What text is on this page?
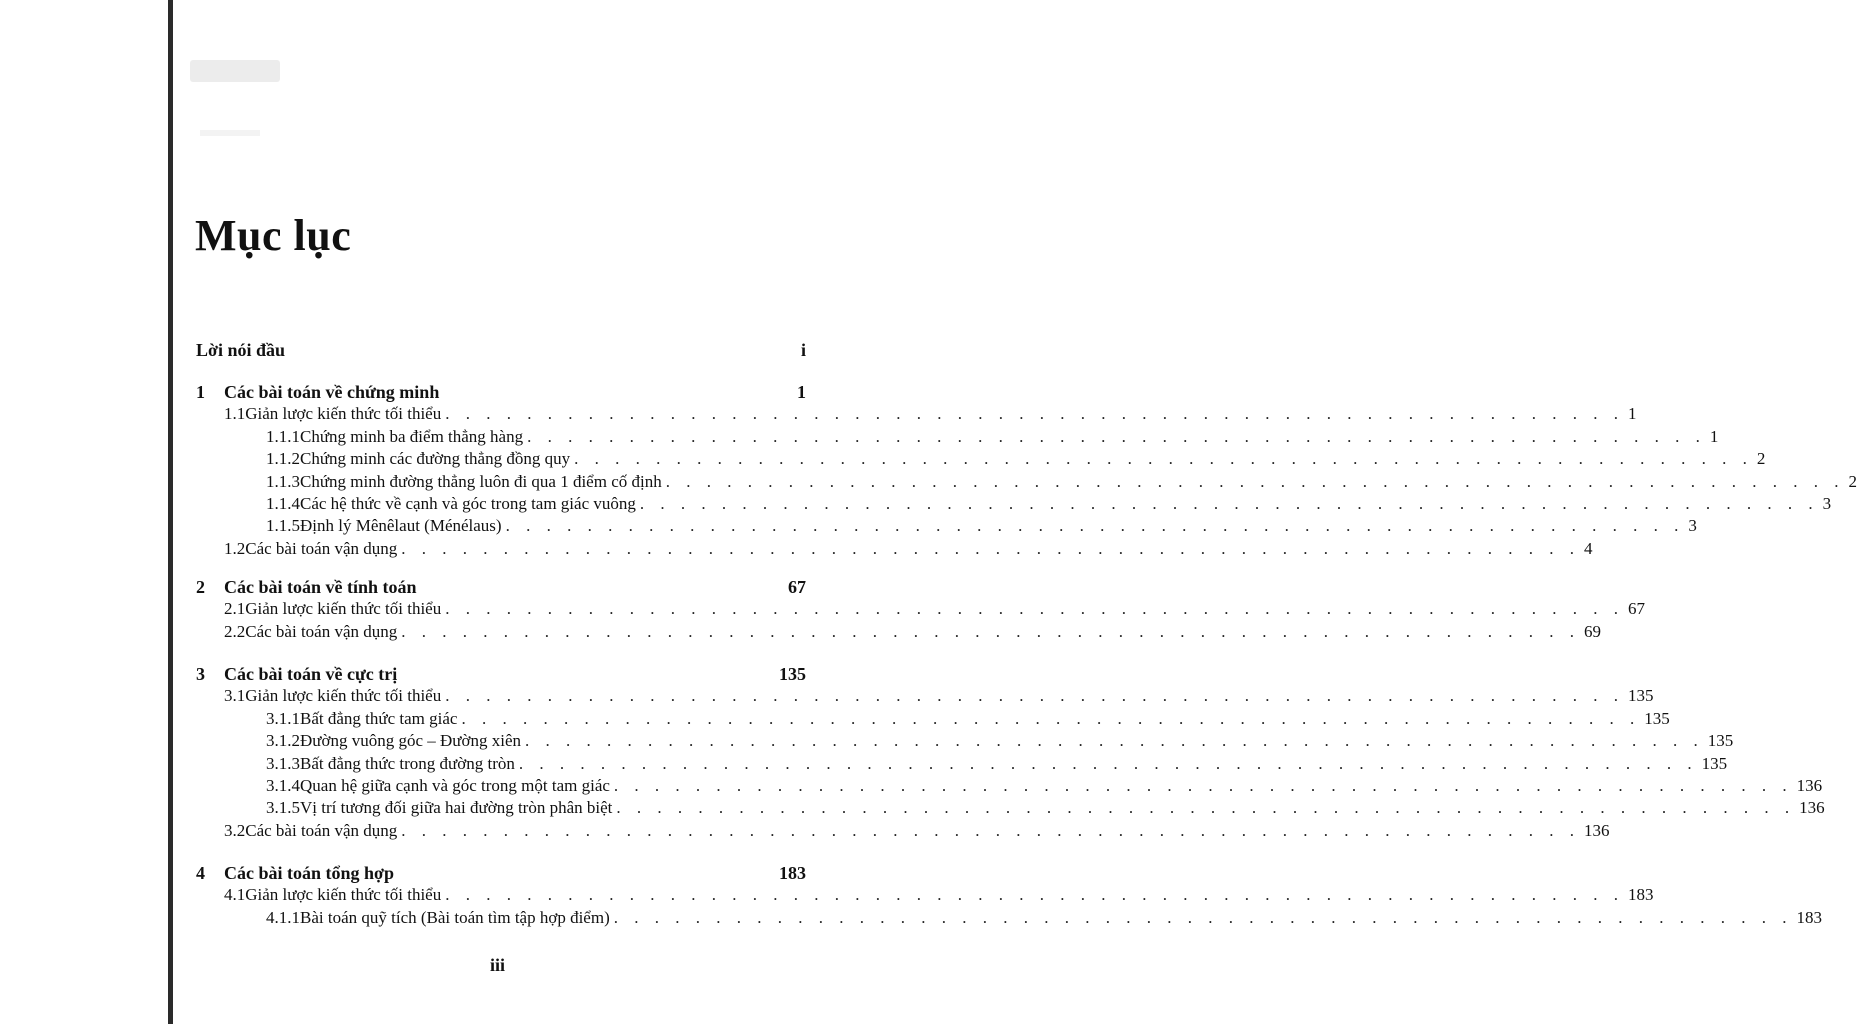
Mục lục
Lời nói đầu	i
1	Các bài toán về chứng minh	1
1.1 Giản lược kiến thức tối thiểu . . . . . . . . . . . . . . . . . . . . . . . . . . . . . . . . . . . . . . . . . . . . . . . . . . . . . . . . . . 1
1.1.1 Chứng minh ba điểm thẳng hàng . . . . . . . . . . . . . . . . . . . . . . . . . . . . . . . . . . . . . . . . . . . . . . . . . . . . . . . . . . 1
1.1.2 Chứng minh các đường thẳng đồng quy . . . . . . . . . . . . . . . . . . . . . . . . . . . . . . . . . . . . . . . . . . . . . . . . . . . . . . . . . . 2
1.1.3 Chứng minh đường thẳng luôn đi qua 1 điểm cố định . . . . . . . . . . . . . . . . . . . . . . . . . . . . . . . . . . . . . . . . . . . . . . . . . . . . . . . . . . 2
1.1.4 Các hệ thức về cạnh và góc trong tam giác vuông . . . . . . . . . . . . . . . . . . . . . . . . . . . . . . . . . . . . . . . . . . . . . . . . . . . . . . . . . . 3
1.1.5 Định lý Mênêlaut (Ménélaus) . . . . . . . . . . . . . . . . . . . . . . . . . . . . . . . . . . . . . . . . . . . . . . . . . . . . . . . . . . 3
1.2 Các bài toán vận dụng . . . . . . . . . . . . . . . . . . . . . . . . . . . . . . . . . . . . . . . . . . . . . . . . . . . . . . . . . . 4
2	Các bài toán về tính toán	67
2.1 Giản lược kiến thức tối thiểu . . . . . . . . . . . . . . . . . . . . . . . . . . . . . . . . . . . . . . . . . . . . . . . . . . . . . . . . . . 67
2.2 Các bài toán vận dụng . . . . . . . . . . . . . . . . . . . . . . . . . . . . . . . . . . . . . . . . . . . . . . . . . . . . . . . . . . 69
3	Các bài toán về cực trị	135
3.1 Giản lược kiến thức tối thiểu . . . . . . . . . . . . . . . . . . . . . . . . . . . . . . . . . . . . . . . . . . . . . . . . . . . . . . . . . . 135
3.1.1 Bất đẳng thức tam giác . . . . . . . . . . . . . . . . . . . . . . . . . . . . . . . . . . . . . . . . . . . . . . . . . . . . . . . . . . 135
3.1.2 Đường vuông góc – Đường xiên . . . . . . . . . . . . . . . . . . . . . . . . . . . . . . . . . . . . . . . . . . . . . . . . . . . . . . . . . . 135
3.1.3 Bất đẳng thức trong đường tròn . . . . . . . . . . . . . . . . . . . . . . . . . . . . . . . . . . . . . . . . . . . . . . . . . . . . . . . . . . 135
3.1.4 Quan hệ giữa cạnh và góc trong một tam giác . . . . . . . . . . . . . . . . . . . . . . . . . . . . . . . . . . . . . . . . . . . . . . . . . . . . . . . . . . 136
3.1.5 Vị trí tương đối giữa hai đường tròn phân biệt . . . . . . . . . . . . . . . . . . . . . . . . . . . . . . . . . . . . . . . . . . . . . . . . . . . . . . . . . . 136
3.2 Các bài toán vận dụng . . . . . . . . . . . . . . . . . . . . . . . . . . . . . . . . . . . . . . . . . . . . . . . . . . . . . . . . . . 136
4	Các bài toán tổng hợp	183
4.1 Giản lược kiến thức tối thiểu . . . . . . . . . . . . . . . . . . . . . . . . . . . . . . . . . . . . . . . . . . . . . . . . . . . . . . . . . . 183
4.1.1 Bài toán quỹ tích (Bài toán tìm tập hợp điểm) . . . . . . . . . . . . . . . . . . . . . . . . . . . . . . . . . . . . . . . . . . . . . . . . . . . . . . . . . . 183
iii
